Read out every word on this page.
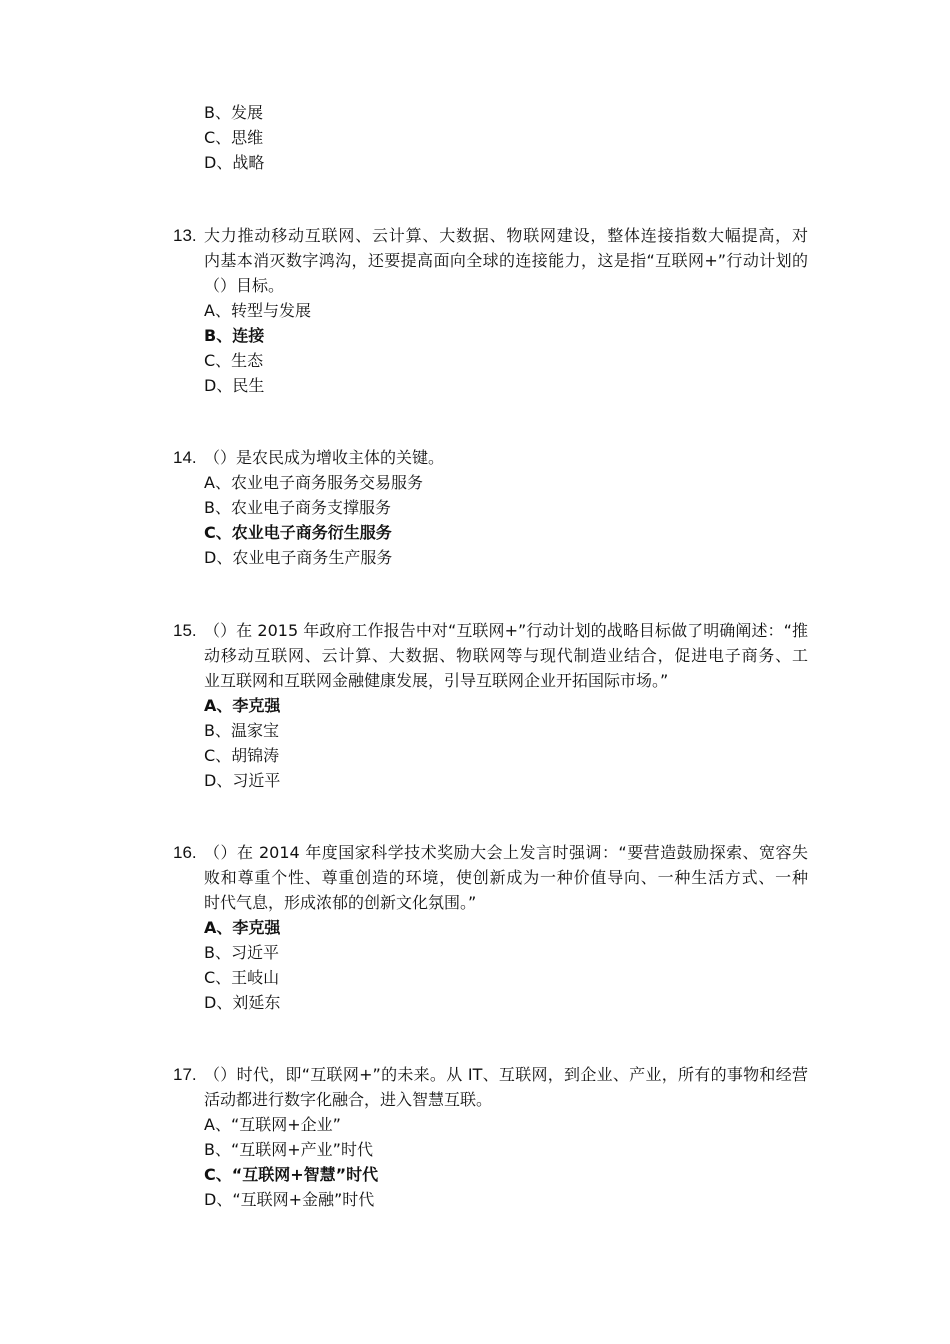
B、发展
C、思维
D、战略
13. 大力推动移动互联网、云计算、大数据、物联网建设，整体连接指数大幅提高，对
内基本消灭数字鸿沟，还要提高面向全球的连接能力，这是指“互联网+”行动计划的
（）目标。
A、转型与发展
B、连接
C、生态
D、民生
14. （）是农民成为增收主体的关键。
A、农业电子商务服务交易服务
B、农业电子商务支撑服务
C、农业电子商务衍生服务
D、农业电子商务生产服务
15. （）在 2015 年政府工作报告中对“互联网+”行动计划的战略目标做了明确阐述：“推
动移动互联网、云计算、大数据、物联网等与现代制造业结合，促进电子商务、工
业互联网和互联网金融健康发展，引导互联网企业开拓国际市场。”
A、李克强
B、温家宝
C、胡锦涛
D、习近平
16. （）在 2014 年度国家科学技术奖励大会上发言时强调：“要营造鼓励探索、宽容失
败和尊重个性、尊重创造的环境，使创新成为一种价值导向、一种生活方式、一种
时代气息，形成浓郁的创新文化氛围。”
A、李克强
B、习近平
C、王岐山
D、刘延东
17. （）时代，即“互联网+”的未来。从 IT、互联网，到企业、产业，所有的事物和经营
活动都进行数字化融合，进入智慧互联。
A、“互联网+企业”
B、“互联网+产业”时代
C、“互联网+智慧”时代
D、“互联网+金融”时代
